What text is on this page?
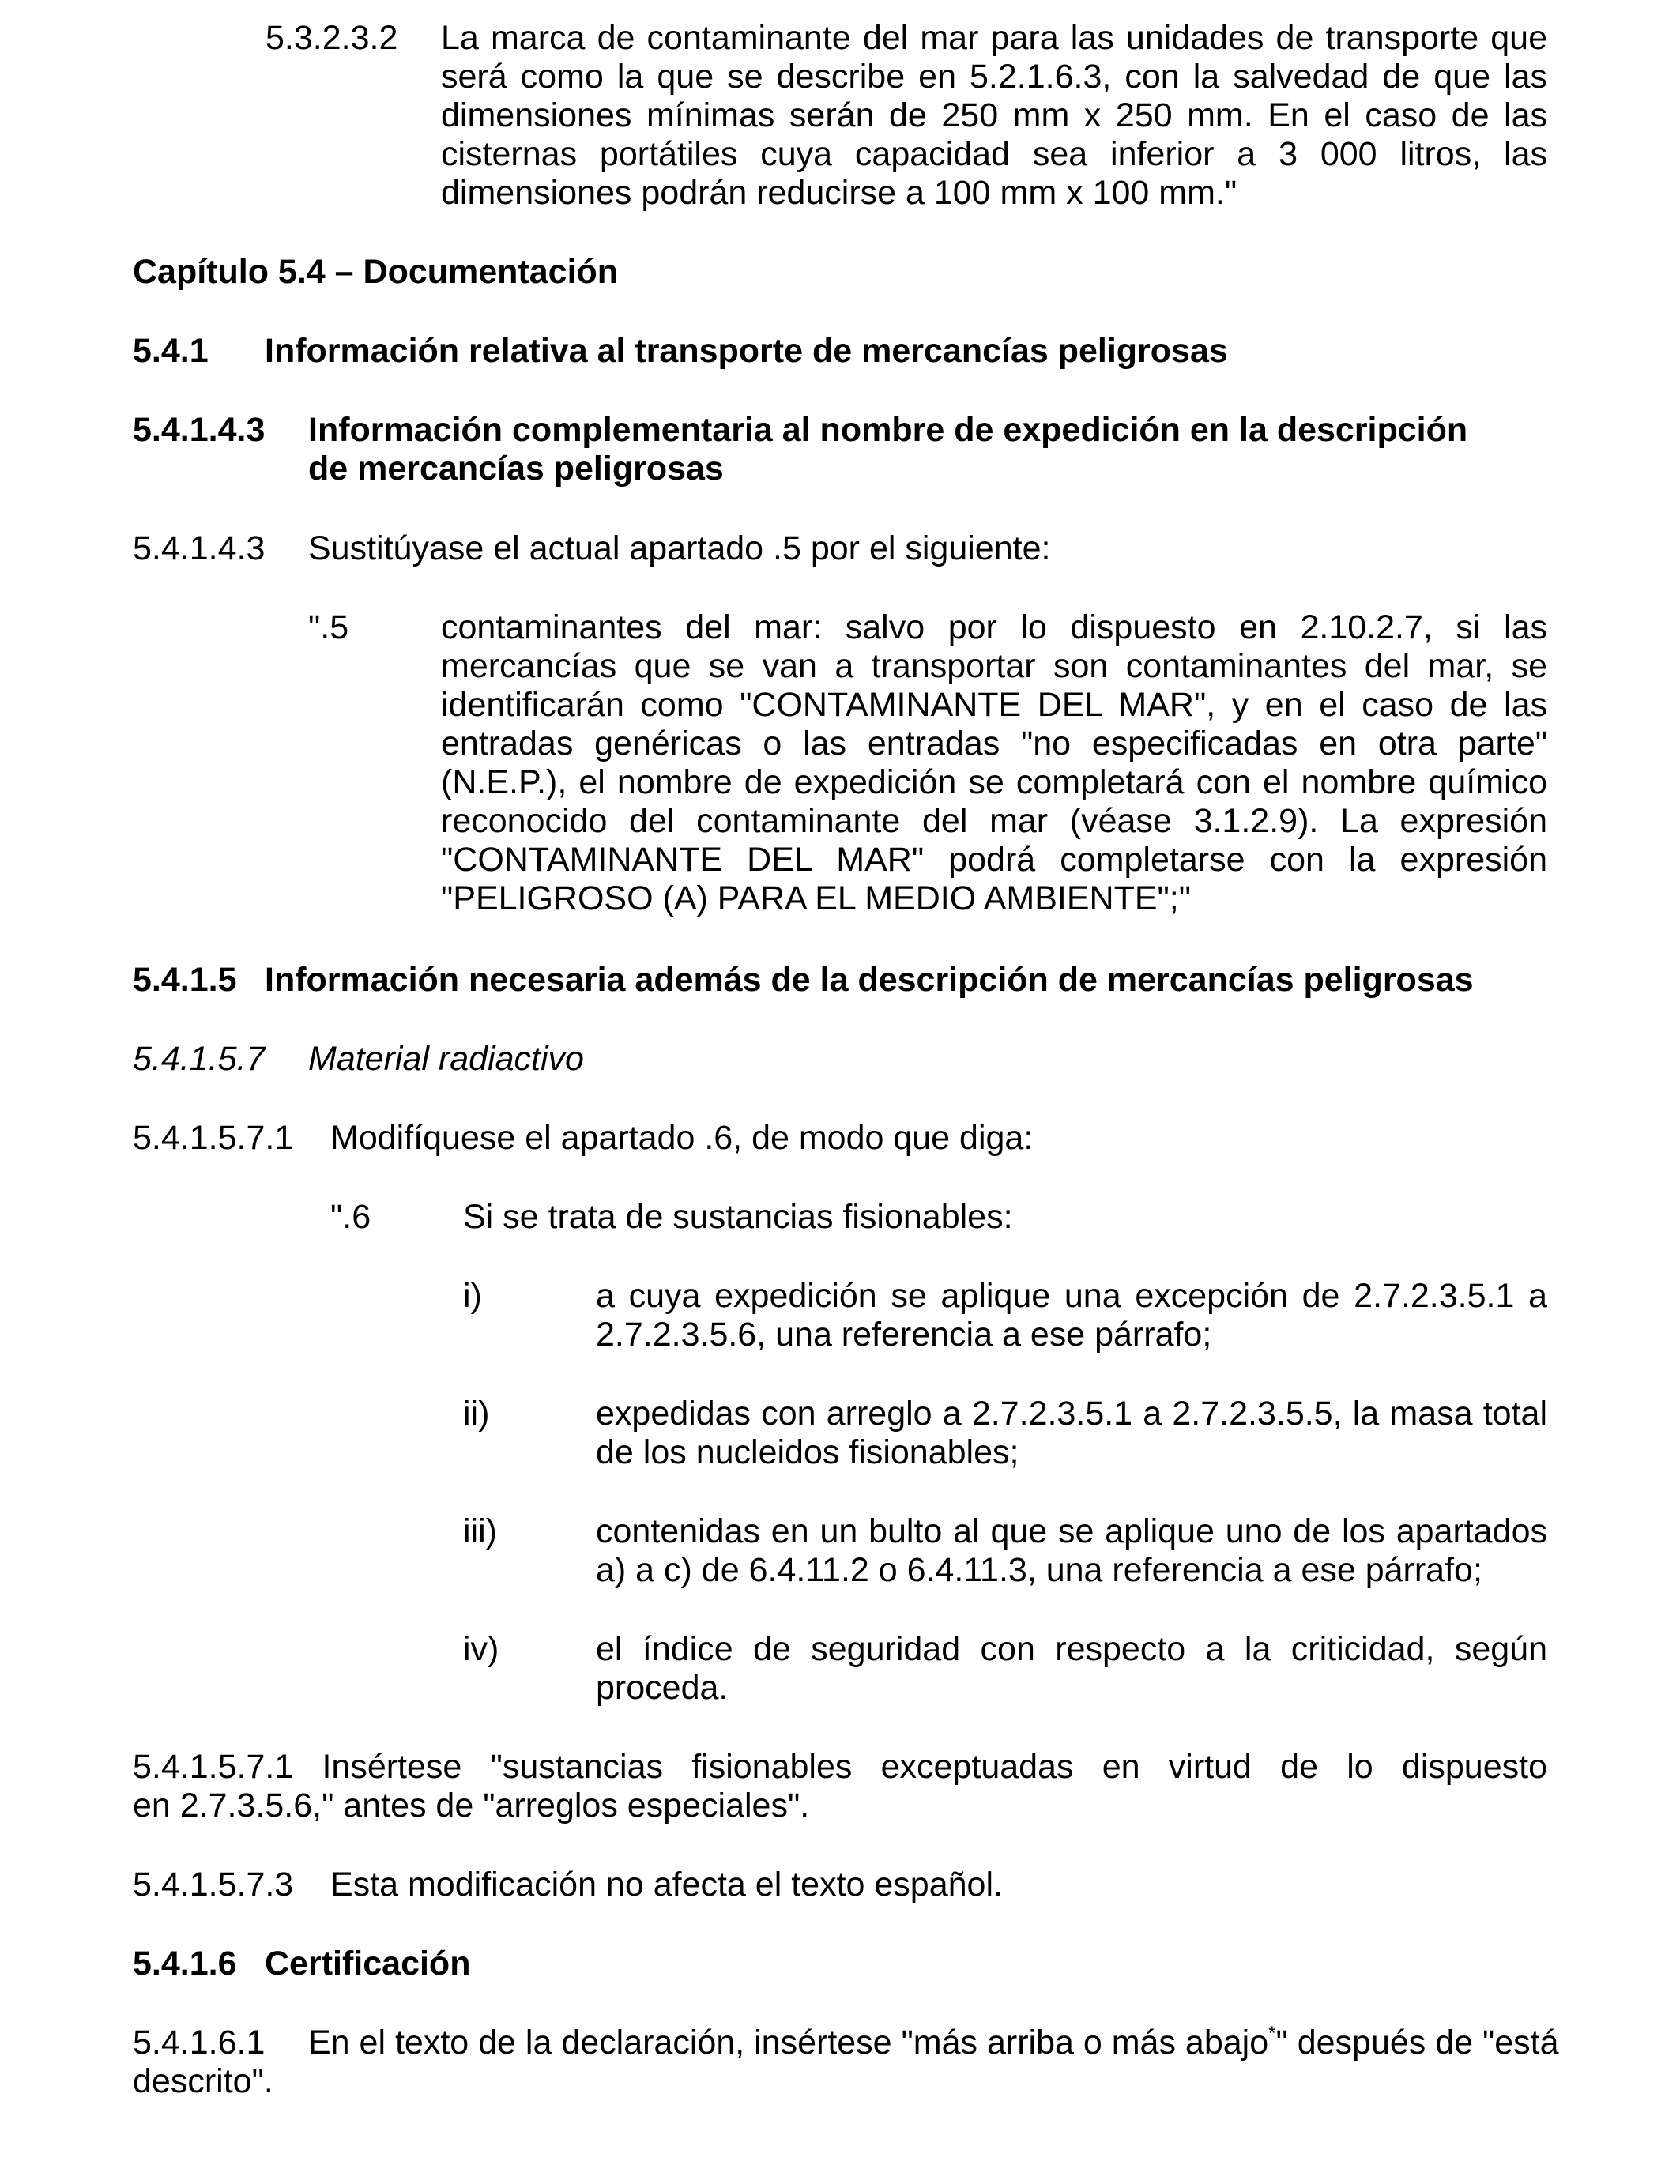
5.3.2.3.2	La marca de contaminante del mar para las unidades de transporte que será como la que se describe en 5.2.1.6.3, con la salvedad de que las dimensiones mínimas serán de 250 mm x 250 mm. En el caso de las cisternas portátiles cuya capacidad sea inferior a 3 000 litros, las dimensiones podrán reducirse a 100 mm x 100 mm."
Capítulo 5.4 – Documentación
5.4.1	Información relativa al transporte de mercancías peligrosas
5.4.1.4.3	Información complementaria al nombre de expedición en la descripción de mercancías peligrosas
5.4.1.4.3	Sustitúyase el actual apartado .5 por el siguiente:
".5	contaminantes del mar: salvo por lo dispuesto en 2.10.2.7, si las mercancías que se van a transportar son contaminantes del mar, se identificarán como "CONTAMINANTE DEL MAR", y en el caso de las entradas genéricas o las entradas "no especificadas en otra parte" (N.E.P.), el nombre de expedición se completará con el nombre químico reconocido del contaminante del mar (véase 3.1.2.9). La expresión "CONTAMINANTE DEL MAR" podrá completarse con la expresión "PELIGROSO (A) PARA EL MEDIO AMBIENTE";"
5.4.1.5 Información necesaria además de la descripción de mercancías peligrosas
5.4.1.5.7	Material radiactivo
5.4.1.5.7.1	Modifíquese el apartado .6, de modo que diga:
".6	Si se trata de sustancias fisionables:
i)	a cuya expedición se aplique una excepción de 2.7.2.3.5.1 a 2.7.2.3.5.6, una referencia a ese párrafo;
ii)	expedidas con arreglo a 2.7.2.3.5.1 a 2.7.2.3.5.5, la masa total de los nucleidos fisionables;
iii)	contenidas en un bulto al que se aplique uno de los apartados a) a c) de 6.4.11.2 o 6.4.11.3, una referencia a ese párrafo;
iv)	el índice de seguridad con respecto a la criticidad, según proceda.
5.4.1.5.7.1 Insértese "sustancias fisionables exceptuadas en virtud de lo dispuesto
en 2.7.3.5.6," antes de "arreglos especiales".
5.4.1.5.7.3	Esta modificación no afecta el texto español.
5.4.1.6 Certificación
5.4.1.6.1	En el texto de la declaración, insértese "más arriba o más abajo*" después de "está
descrito".
